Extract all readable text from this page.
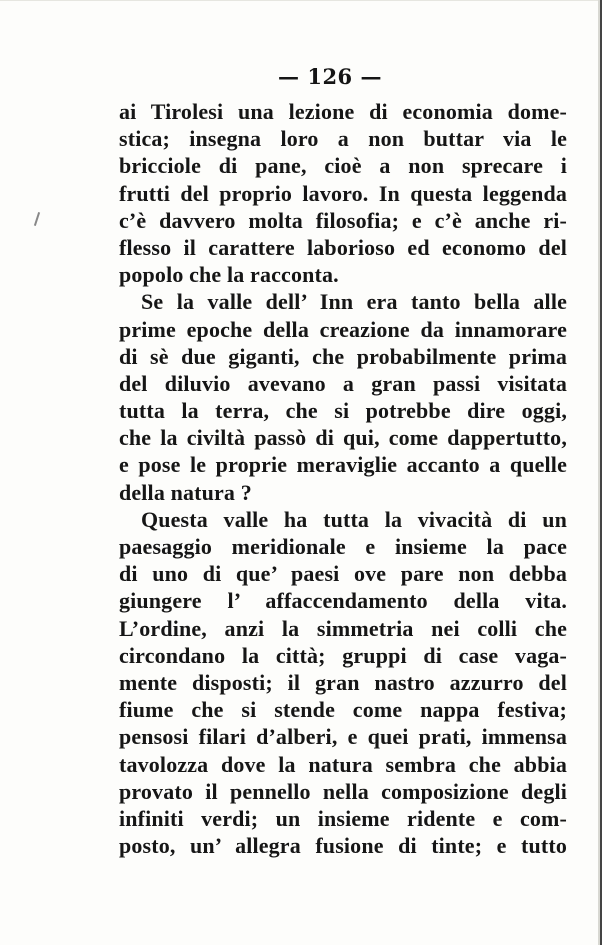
— 126 —
ai Tirolesi una lezione di economia dome-
stica; insegna loro a non buttar via le
bricciole di pane, cioè a non sprecare i
frutti del proprio lavoro. In questa leggenda
c’è davvero molta filosofia; e c’è anche ri-
flesso il carattere laborioso ed economo del
popolo che la racconta.
Se la valle dell’ Inn era tanto bella alle
prime epoche della creazione da innamorare
di sè due giganti, che probabilmente prima
del diluvio avevano a gran passi visitata
tutta la terra, che si potrebbe dire oggi,
che la civiltà passò di qui, come dappertutto,
e pose le proprie meraviglie accanto a quelle
della natura ?
Questa valle ha tutta la vivacità di un
paesaggio meridionale e insieme la pace
di uno di que’ paesi ove pare non debba
giungere l’ affaccendamento della vita.
L’ordine, anzi la simmetria nei colli che
circondano la città; gruppi di case vaga-
mente disposti; il gran nastro azzurro del
fiume che si stende come nappa festiva;
pensosi filari d’alberi, e quei prati, immensa
tavolozza dove la natura sembra che abbia
provato il pennello nella composizione degli
infiniti verdi; un insieme ridente e com-
posto, un’ allegra fusione di tinte; e tutto
